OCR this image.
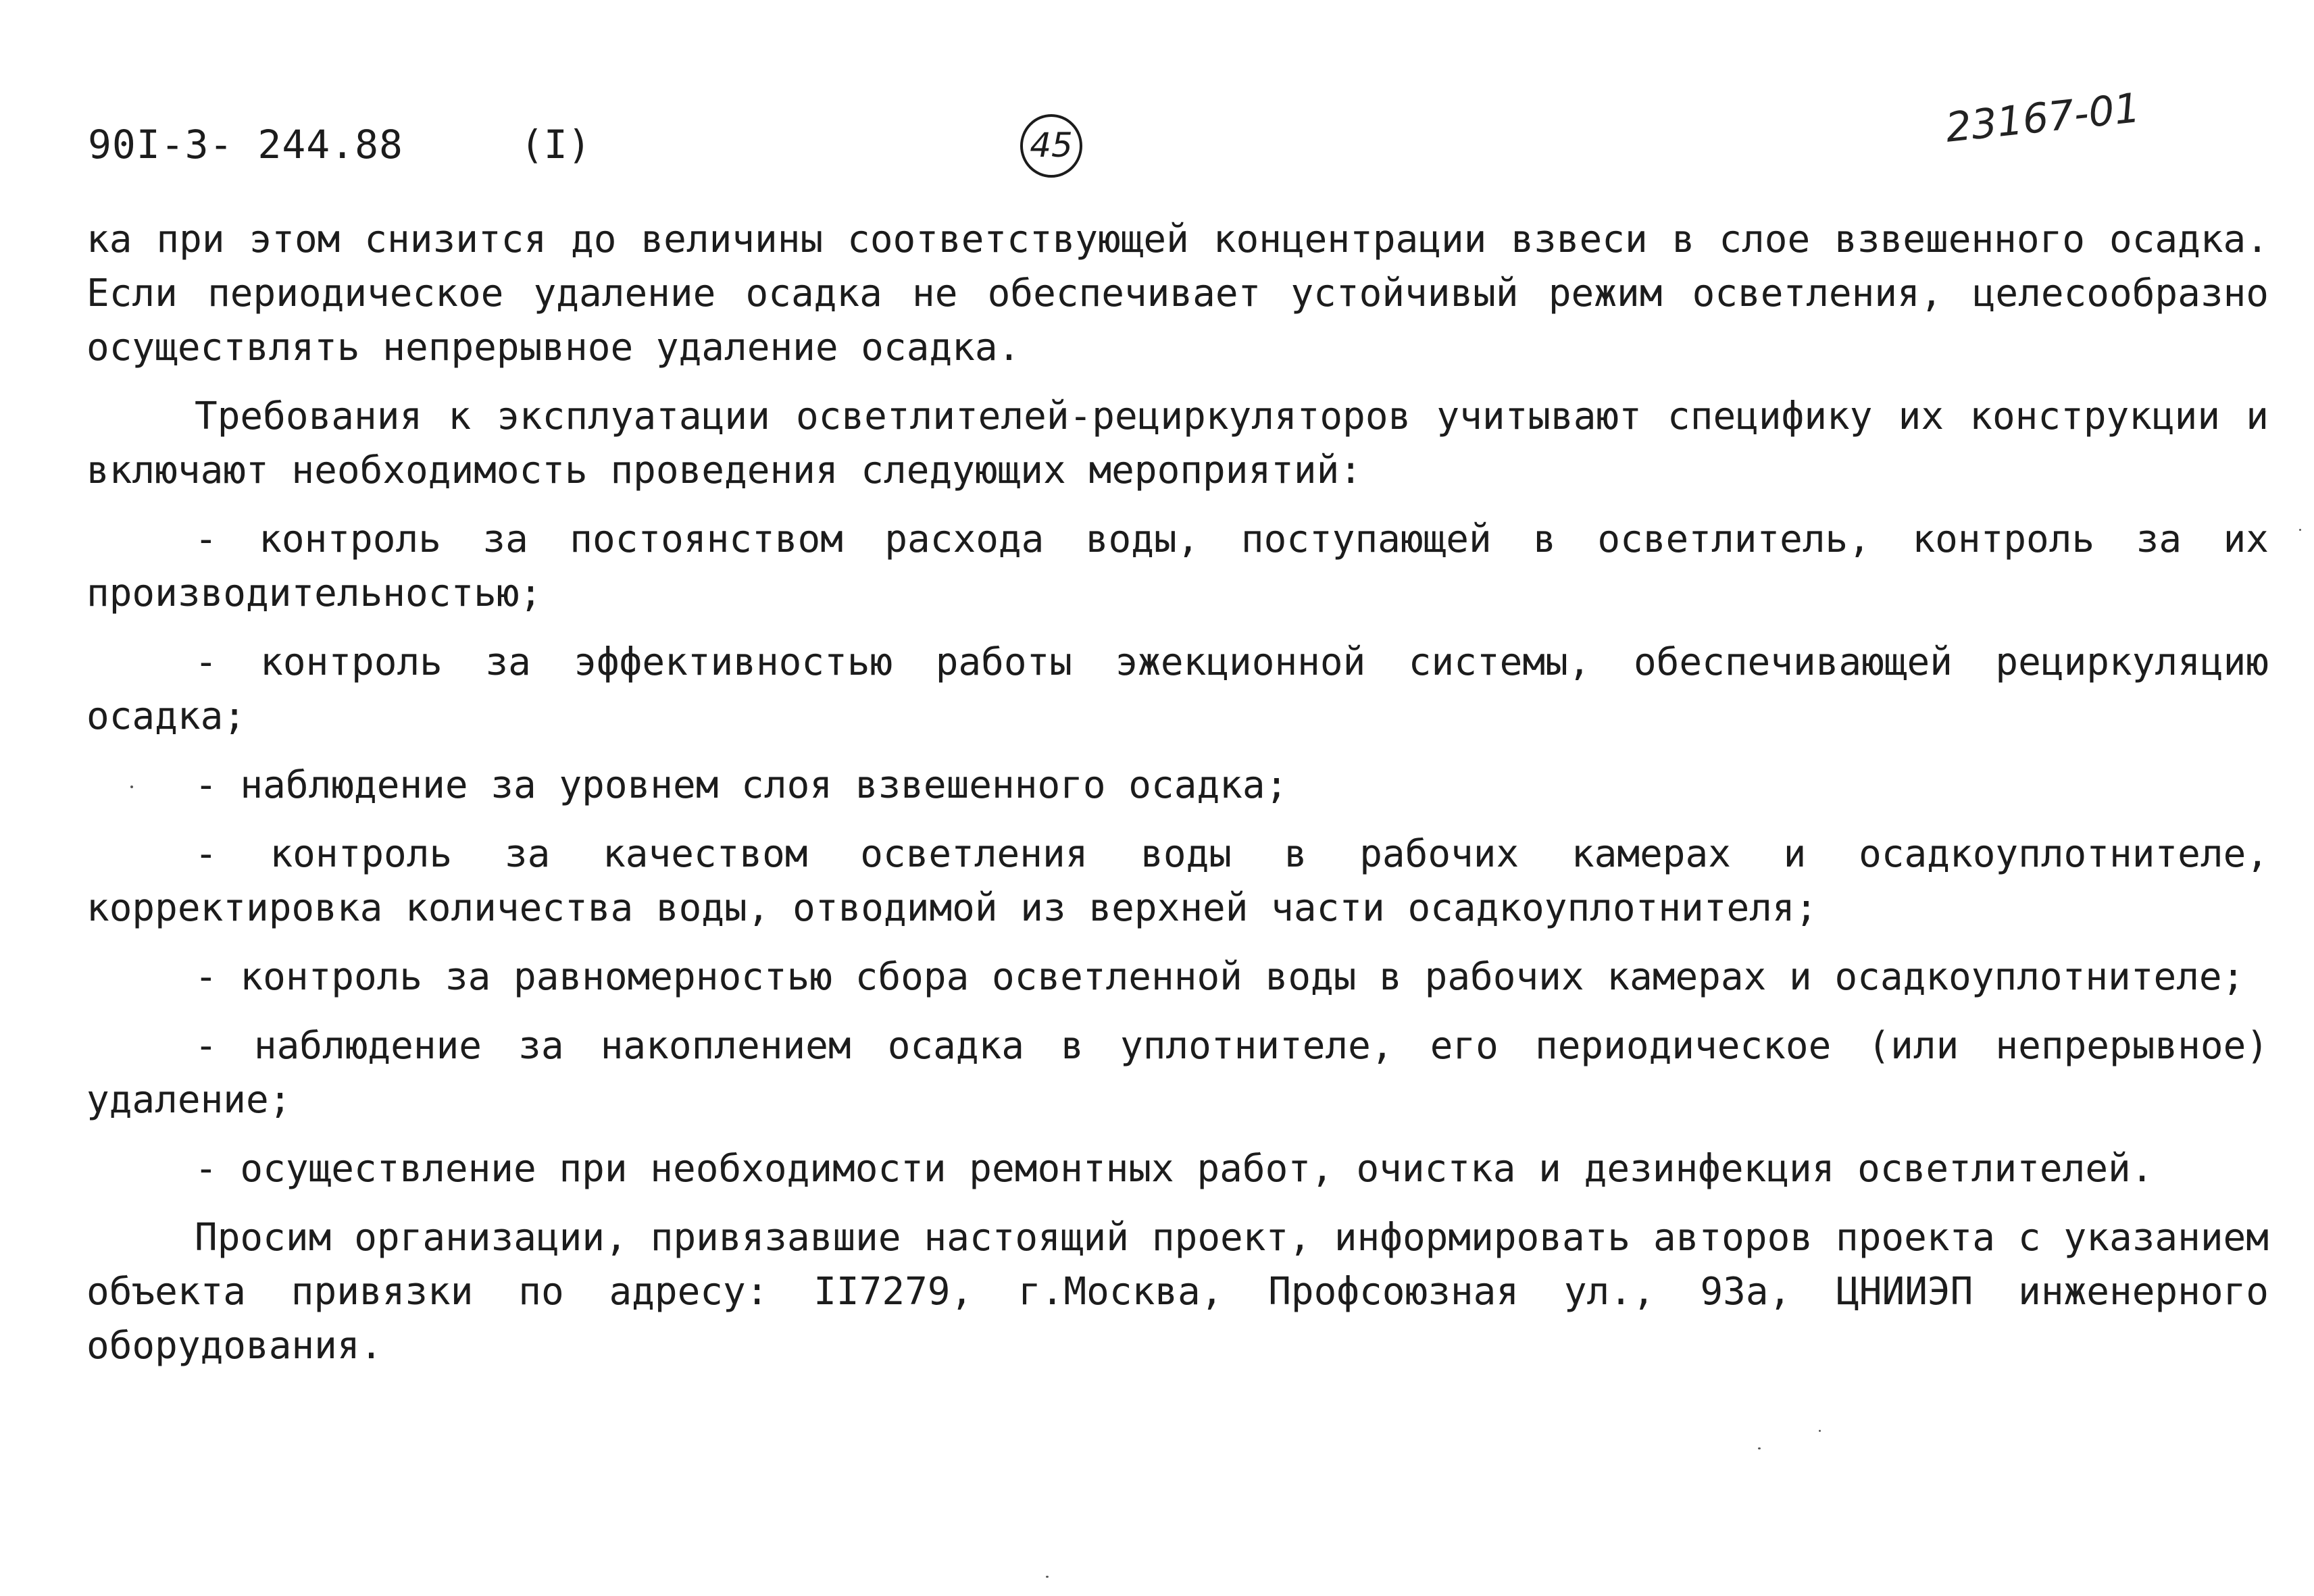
90I-3- 244.88	(I)	45	23167-01

ка при этом снизится до величины соответствующей концентрации взвеси в слое взвешенного осадка. Если периодическое удаление осадка не обеспечивает устойчивый режим осветления, целесообразно осуществлять непрерывное удаление осадка.

Требования к эксплуатации осветлителей-рециркуляторов учитывают специфику их конструкции и включают необходимость проведения следующих мероприятий:

- контроль за постоянством расхода воды, поступающей в осветлитель, контроль за их производительностью;

- контроль за эффективностью работы эжекционной системы, обеспечивающей рециркуляцию осадка;

- наблюдение за уровнем слоя взвешенного осадка;

- контроль за качеством осветления воды в рабочих камерах и осадкоуплотнителе, корректировка количества воды, отводимой из верхней части осадкоуплотнителя;

- контроль за равномерностью сбора осветленной воды в рабочих камерах и осадкоуплотнителе;

- наблюдение за накоплением осадка в уплотнителе, его периодическое (или непрерывное) удаление;

- осуществление при необходимости ремонтных работ, очистка и дезинфекция осветлителей.

Просим организации, привязавшие настоящий проект, информировать авторов проекта с указанием объекта привязки по адресу: II7279, г.Москва, Профсоюзная ул., 93а, ЦНИИЭП инженерного оборудования.
